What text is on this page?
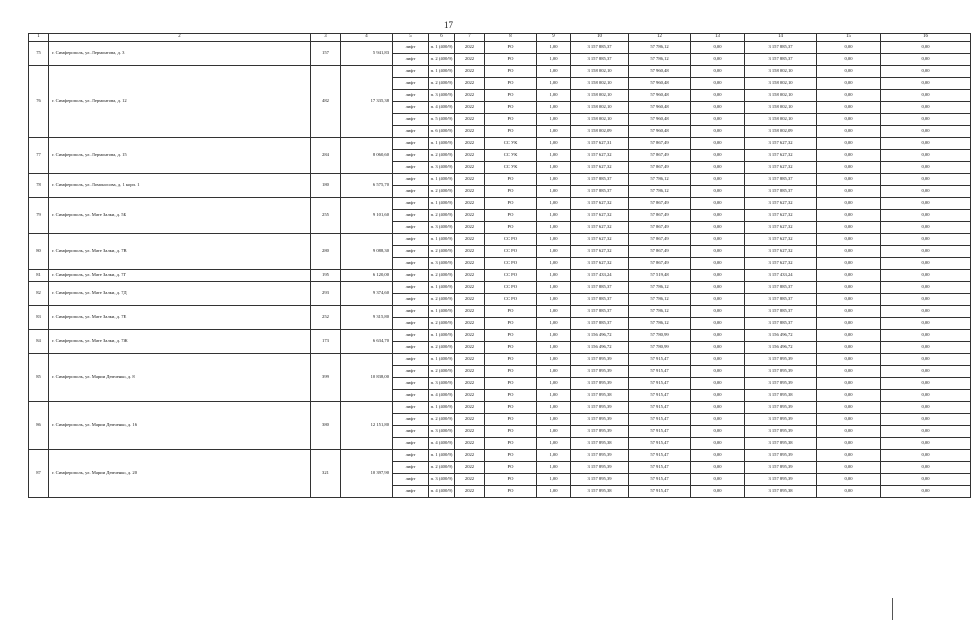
17
1	2	3	4	5	6	7	8	9	10	12	13	14	15	16
75	г. Симферополь, ул. Лермонтова, д. 3	157	5 941,83	лифт	п. 1 (400/9)	2022	РО	1,00	3 157 885,37	57 786,12	0,00	3 157 885,37	0,00	0,00
				лифт	п. 2 (400/9)	2022	РО	1,00	3 157 885,37	57 786,12	0,00	3 157 885,37	0,00	0,00
76	г. Симферополь, ул. Лермонтова, д. 12	482	17 335,38	лифт	п. 1 (400/9)	2022	РО	1,00	3 158 002,10	57 960,48	0,00	3 158 002,10	0,00	0,00
				лифт	п. 2 (400/9)	2022	РО	1,00	3 158 002,10	57 960,48	0,00	3 158 002,10	0,00	0,00
				лифт	п. 3 (400/9)	2022	РО	1,00	3 158 002,10	57 960,48	0,00	3 158 002,10	0,00	0,00
				лифт	п. 4 (400/9)	2022	РО	1,00	3 158 002,10	57 960,48	0,00	3 158 002,10	0,00	0,00
				лифт	п. 5 (400/9)	2022	РО	1,00	3 158 002,10	57 960,48	0,00	3 158 002,10	0,00	0,00
				лифт	п. 6 (400/9)	2022	РО	1,00	3 158 002,09	57 960,48	0,00	3 158 002,09	0,00	0,00
77	г. Симферополь, ул. Лермонтова, д. 15	284	8 060,60	лифт	п. 1 (400/9)	2022	СС УК	1,00	3 157 627,31	57 867,49	0,00	3 157 627,32	0,00	0,00
				лифт	п. 2 (400/9)	2022	СС УК	1,00	3 157 627,32	57 867,49	0,00	3 157 627,32	0,00	0,00
				лифт	п. 3 (400/9)	2022	СС УК	1,00	3 157 627,32	57 867,49	0,00	3 157 627,32	0,00	0,00
78	г. Симферополь, ул. Ломоносова, д. 1 корп. 1	180	6 575,70	лифт	п. 1 (400/9)	2022	РО	1,00	3 157 885,37	57 786,12	0,00	3 157 885,37	0,00	0,00
				лифт	п. 2 (400/9)	2022	РО	1,00	3 157 885,37	57 786,12	0,00	3 157 885,37	0,00	0,00
79	г. Симферополь, ул. Мате Залки, д. 5Б	255	9 101,60	лифт	п. 1 (400/9)	2022	РО	1,00	3 157 627,32	57 867,49	0,00	3 157 627,32	0,00	0,00
				лифт	п. 2 (400/9)	2022	РО	1,00	3 157 627,32	57 867,49	0,00	3 157 627,32	0,00	0,00
				лифт	п. 3 (400/9)	2022	РО	1,00	3 157 627,32	57 867,49	0,00	3 157 627,32	0,00	0,00
80	г. Симферополь, ул. Мате Залки, д. 7В	280	9 088,30	лифт	п. 1 (400/9)	2022	СС РО	1,00	3 157 627,32	57 867,49	0,00	3 157 627,32	0,00	0,00
				лифт	п. 2 (400/9)	2022	СС РО	1,00	3 157 627,32	57 867,49	0,00	3 157 627,32	0,00	0,00
				лифт	п. 3 (400/9)	2022	СС РО	1,00	3 157 627,32	57 867,49	0,00	3 157 627,32	0,00	0,00
81	г. Симферополь, ул. Мате Залки, д. 7Г	195	6 120,00	лифт	п. 2 (400/9)	2022	СС РО	1,00	3 157 433,24	57 519,48	0,00	3 157 433,24	0,00	0,00
82	г. Симферополь, ул. Мате Залки, д. 7Д	293	9 374,60	лифт	п. 1 (400/9)	2022	СС РО	1,00	3 157 885,37	57 786,12	0,00	3 157 885,37	0,00	0,00
				лифт	п. 2 (400/9)	2022	СС РО	1,00	3 157 885,37	57 786,12	0,00	3 157 885,37	0,00	0,00
83	г. Симферополь, ул. Мате Залки, д. 7Е	252	9 315,80	лифт	п. 1 (400/9)	2022	РО	1,00	3 157 885,37	57 786,12	0,00	3 157 885,37	0,00	0,00
				лифт	п. 2 (400/9)	2022	РО	1,00	3 157 885,37	57 786,12	0,00	3 157 885,37	0,00	0,00
84	г. Симферополь, ул. Мате Залки, д. 7Ж	173	6 634,70	лифт	п. 1 (400/9)	2022	РО	1,00	3 156 496,72	57 780,99	0,00	3 156 496,72	0,00	0,00
				лифт	п. 2 (400/9)	2022	РО	1,00	3 156 496,72	57 780,99	0,00	3 156 496,72	0,00	0,00
85	г. Симферополь, ул. Марии Демченко, д. 8	399	10 838,00	лифт	п. 1 (400/9)	2022	РО	1,00	3 157 895,39	57 915,47	0,00	3 157 895,39	0,00	0,00
				лифт	п. 2 (400/9)	2022	РО	1,00	3 157 895,39	57 915,47	0,00	3 157 895,39	0,00	0,00
				лифт	п. 3 (400/9)	2022	РО	1,00	3 157 895,39	57 915,47	0,00	3 157 895,39	0,00	0,00
				лифт	п. 4 (400/9)	2022	РО	1,00	3 157 895,38	57 915,47	0,00	3 157 895,38	0,00	0,00
86	г. Симферополь, ул. Марии Демченко, д. 16	380	12 151,80	лифт	п. 1 (400/9)	2022	РО	1,00	3 157 895,39	57 915,47	0,00	3 157 895,39	0,00	0,00
				лифт	п. 2 (400/9)	2022	РО	1,00	3 157 895,39	57 915,47	0,00	3 157 895,39	0,00	0,00
				лифт	п. 3 (400/9)	2022	РО	1,00	3 157 895,39	57 915,47	0,00	3 157 895,39	0,00	0,00
				лифт	п. 4 (400/9)	2022	РО	1,00	3 157 895,38	57 915,47	0,00	3 157 895,38	0,00	0,00
87	г. Симферополь, ул. Марии Демченко, д. 20	321	10 397,90	лифт	п. 1 (400/9)	2022	РО	1,00	3 157 895,39	57 915,47	0,00	3 157 895,39	0,00	0,00
				лифт	п. 2 (400/9)	2022	РО	1,00	3 157 895,39	57 915,47	0,00	3 157 895,39	0,00	0,00
				лифт	п. 3 (400/9)	2022	РО	1,00	3 157 895,39	57 915,47	0,00	3 157 895,39	0,00	0,00
				лифт	п. 4 (400/9)	2022	РО	1,00	3 157 895,38	57 915,47	0,00	3 157 895,38	0,00	0,00
